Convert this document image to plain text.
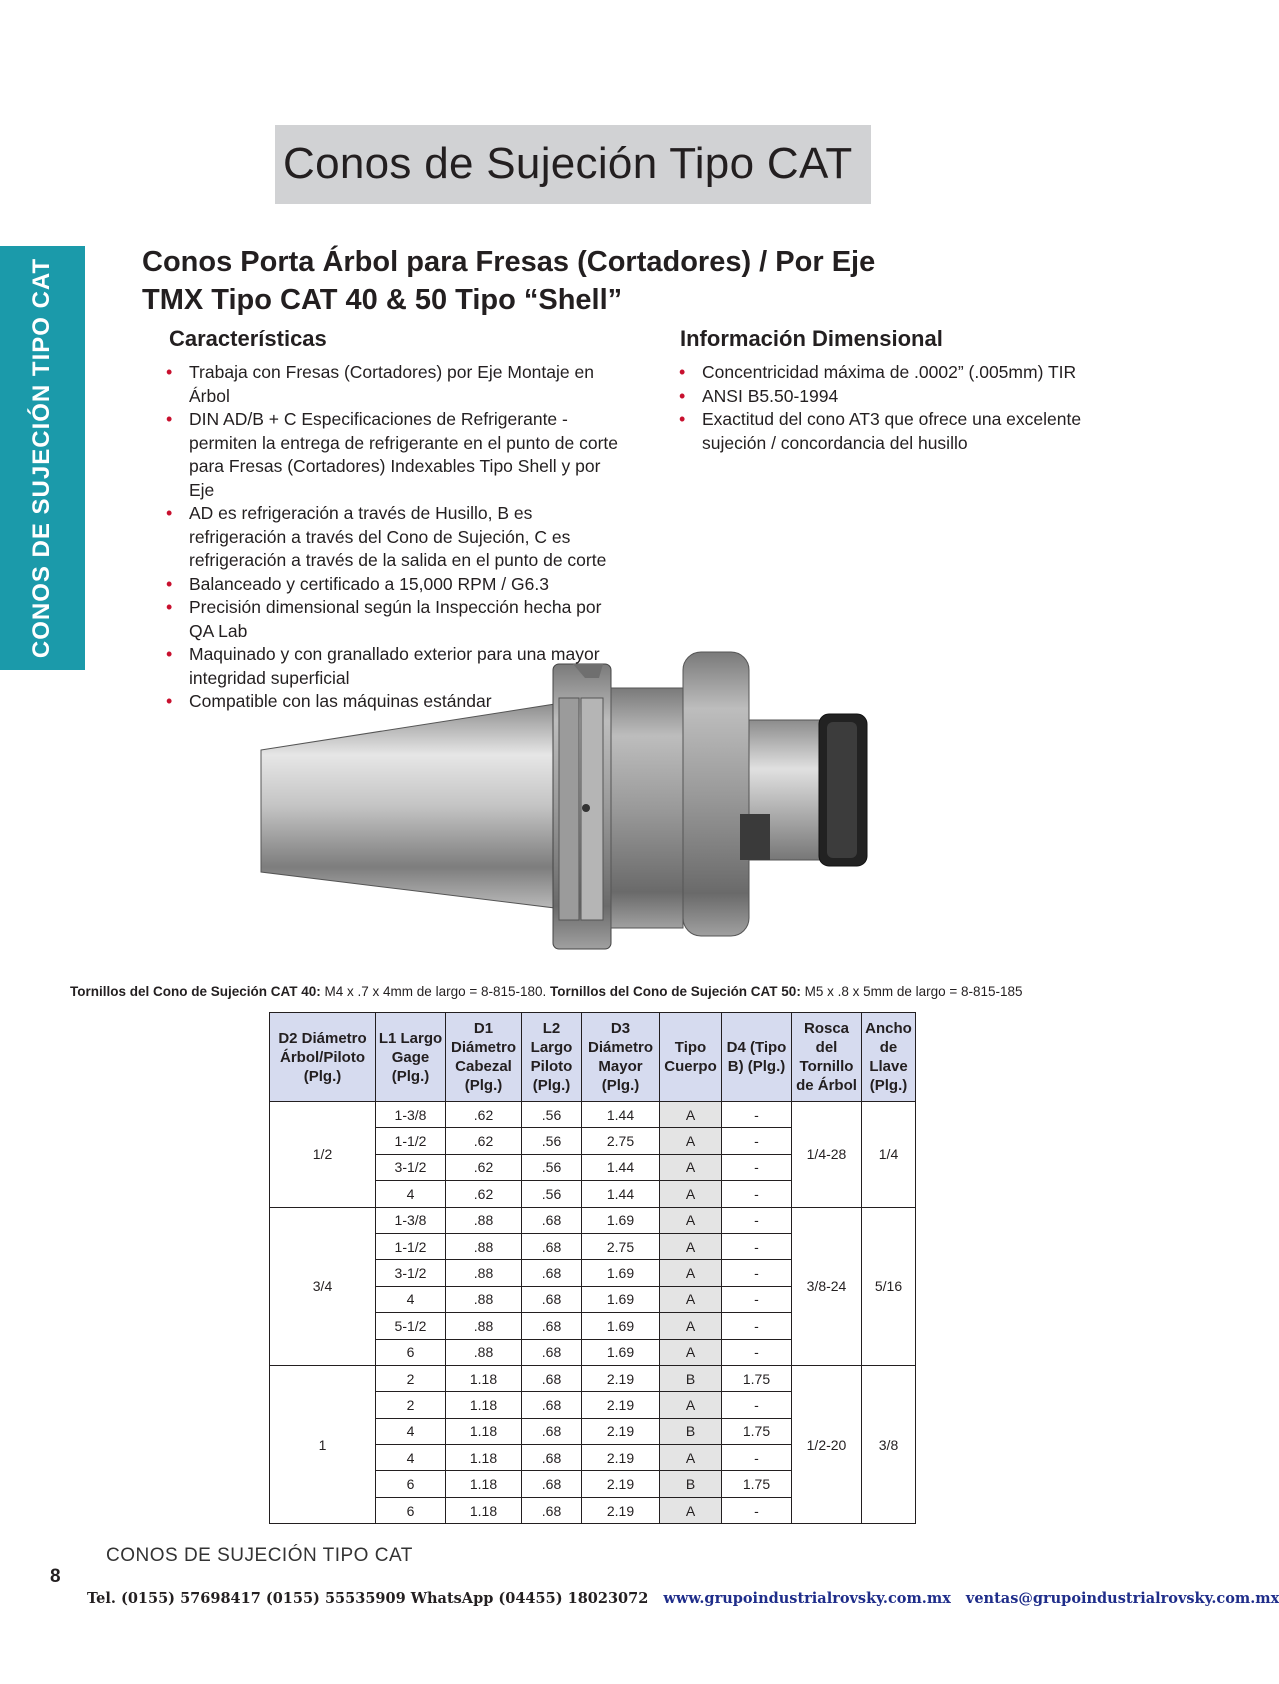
Conos de Sujeción Tipo CAT
CONOS DE SUJECIÓN TIPO CAT	Conos Porta Árbol para Fresas (Cortadores) / Por Eje
TMX Tipo CAT 40 & 50 Tipo “Shell”
Características
• Trabaja con Fresas (Cortadores) por Eje Montaje en Árbol
• DIN AD/B + C Especificaciones de Refrigerante - permiten la entrega de refrigerante en el punto de corte para Fresas (Cortadores) Indexables Tipo Shell y por Eje
• AD es refrigeración a través de Husillo, B es refrigeración a través del Cono de Sujeción, C es refrigeración a través de la salida en el punto de corte
• Balanceado y certificado a 15,000 RPM / G6.3
• Precisión dimensional según la Inspección hecha por QA Lab
• Maquinado y con granallado exterior para una mayor integridad superficial
• Compatible con las máquinas estándar
Información Dimensional
• Concentricidad máxima de .0002” (.005mm) TIR
• ANSI B5.50-1994
• Exactitud del cono AT3 que ofrece una excelente sujeción / concordancia del husillo
Tornillos del Cono de Sujeción CAT 40: M4 x .7 x 4mm de largo = 8-815-180. Tornillos del Cono de Sujeción CAT 50: M5 x .8 x 5mm de largo = 8-815-185
D2 Diámetro Árbol/Piloto (Plg.)	L1 Largo Gage (Plg.)	D1 Diámetro Cabezal (Plg.)	L2 Largo Piloto (Plg.)	D3 Diámetro Mayor (Plg.)	Tipo Cuerpo	D4 (Tipo B) (Plg.)	Rosca del Tornillo de Árbol	Ancho de Llave (Plg.)
1/2	1-3/8	.62	.56	1.44	A	-	1/4-28	1/4
	1-1/2	.62	.56	2.75	A	-		
	3-1/2	.62	.56	1.44	A	-		
	4	.62	.56	1.44	A	-		
3/4	1-3/8	.88	.68	1.69	A	-	3/8-24	5/16
	1-1/2	.88	.68	2.75	A	-		
	3-1/2	.88	.68	1.69	A	-		
	4	.88	.68	1.69	A	-		
	5-1/2	.88	.68	1.69	A	-		
	6	.88	.68	1.69	A	-		
1	2	1.18	.68	2.19	B	1.75	1/2-20	3/8
	2	1.18	.68	2.19	A	-		
	4	1.18	.68	2.19	B	1.75		
	4	1.18	.68	2.19	A	-		
	6	1.18	.68	2.19	B	1.75		
	6	1.18	.68	2.19	A	-		
CONOS DE SUJECIÓN TIPO CAT
8
Tel. (0155) 57698417 (0155) 55535909 WhatsApp (04455) 18023072 www.grupoindustrialrovsky.com.mx ventas@grupoindustrialrovsky.com.mx
